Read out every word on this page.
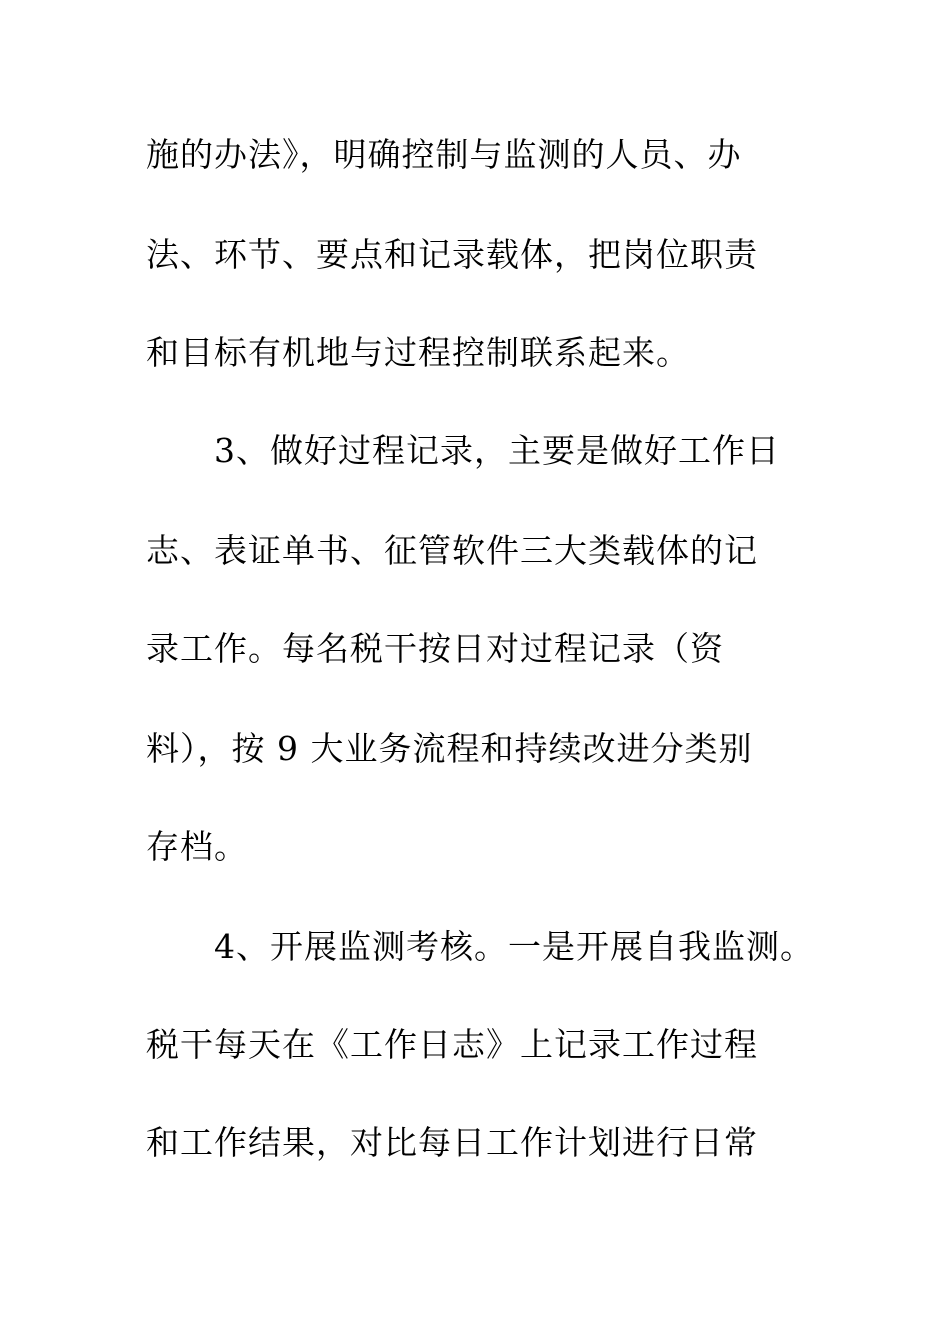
施的办法》，明确控制与监测的人员、办
法、环节、要点和记录载体，把岗位职责
和目标有机地与过程控制联系起来。
　　3、做好过程记录，主要是做好工作日
志、表证单书、征管软件三大类载体的记
录工作。每名税干按日对过程记录（资
料），按 9 大业务流程和持续改进分类别
存档。
　　4、开展监测考核。一是开展自我监测。
税干每天在《工作日志》上记录工作过程
和工作结果，对比每日工作计划进行日常
